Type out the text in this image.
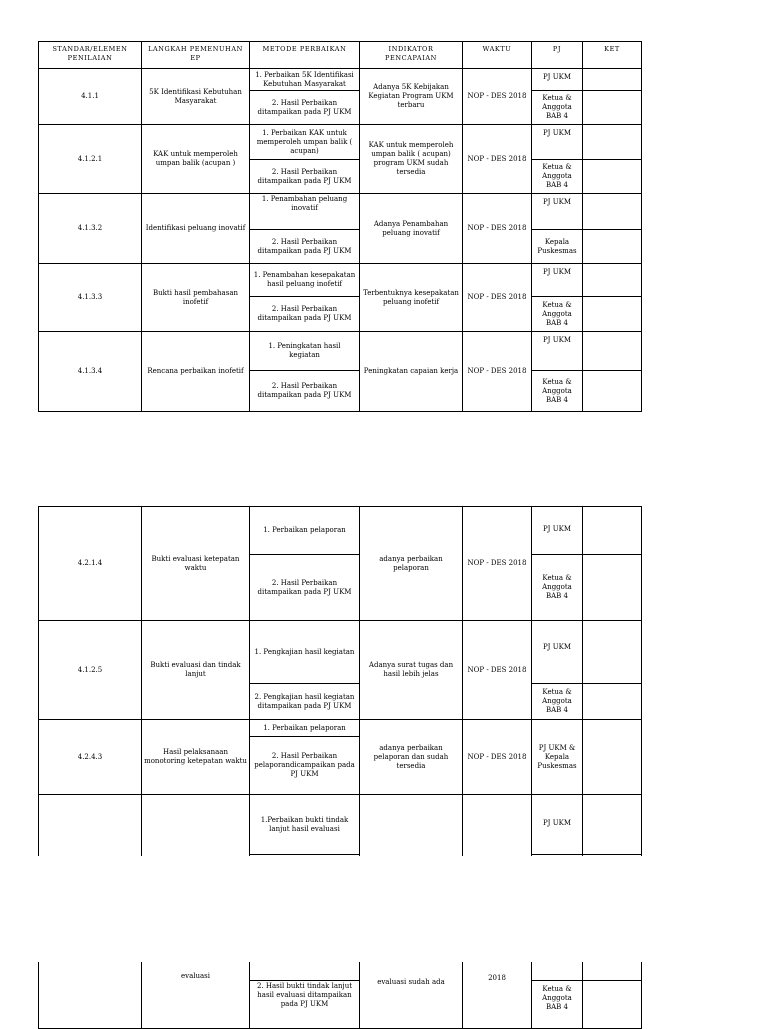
STANDAR/ELEMEN PENILAIAN	LANGKAH PEMENUHAN EP	METODE PERBAIKAN	INDIKATOR PENCAPAIAN	WAKTU	PJ	KET
4.1.1	5K Identifikasi Kebutuhan Masyarakat	1. Perbaikan 5K Identifikasi Kebutuhan Masyarakat	Adanya 5K Kebijakan Kegiatan Program UKM terbaru	NOP - DES 2018	PJ UKM	
		2. Hasil Perbaikan ditampaikan pada PJ UKM			Ketua & Anggota BAB 4	
4.1.2.1	KAK untuk memperoleh umpan balik (acupan )	1. Perbaikan KAK untuk memperoleh umpan balik ( acupan)	KAK untuk memperoleh umpan balik ( acupan) program UKM sudah tersedia	NOP - DES 2018	PJ UKM	
		2. Hasil Perbaikan ditampaikan pada PJ UKM			Ketua & Anggota BAB 4	
4.1.3.2	Identifikasi peluang inovatif	1. Penambahan peluang inovatif	Adanya Penambahan peluang inovatif	NOP - DES 2018	PJ UKM	
		2. Hasil Perbaikan ditampaikan pada PJ UKM			Kepala Puskesmas	
4.1.3.3	Bukti hasil pembahasan inofetif	1. Penambahan kesepakatan hasil peluang inofetif	Terbentuknya kesepakatan peluang inofetif	NOP - DES 2018	PJ UKM	
		2. Hasil Perbaikan ditampaikan pada PJ UKM			Ketua & Anggota BAB 4	
4.1.3.4	Rencana perbaikan inofetif	1. Peningkatan hasil kegiatan	Peningkatan capaian kerja	NOP - DES 2018	PJ UKM	
		2. Hasil Perbaikan ditampaikan pada PJ UKM			Ketua & Anggota BAB 4	
4.2.1.4	Bukti evaluasi ketepatan waktu	1. Perbaikan pelaporan	adanya perbaikan pelaporan	NOP - DES 2018	PJ UKM	
		2. Hasil Perbaikan ditampaikan pada PJ UKM			Ketua & Anggota BAB 4	
4.1.2.5	Bukti evaluasi dan tindak lanjut	1. Pengkajian hasil kegiatan	Adanya surat tugas dan hasil lebih jelas	NOP - DES 2018	PJ UKM	
		2. Pengkajian hasil kegiatan ditampaikan pada PJ UKM			Ketua & Anggota BAB 4	
4.2.4.3	Hasil pelaksanaan monotoring ketepatan waktu	1. Perbaikan pelaporan	adanya perbaikan pelaporan dan sudah tersedia	NOP - DES 2018	PJ UKM & Kepala Puskesmas	
		2. Hasil Perbaikan pelaporandicampaikan pada PJ UKM				
		1.Perbaikan bukti tindak lanjut hasil evaluasi			PJ UKM	

	evaluasi		evaluasi sudah ada	2018		
		2. Hasil bukti tindak lanjut hasil evaluasi ditampaikan pada PJ UKM			Ketua & Anggota BAB 4	
